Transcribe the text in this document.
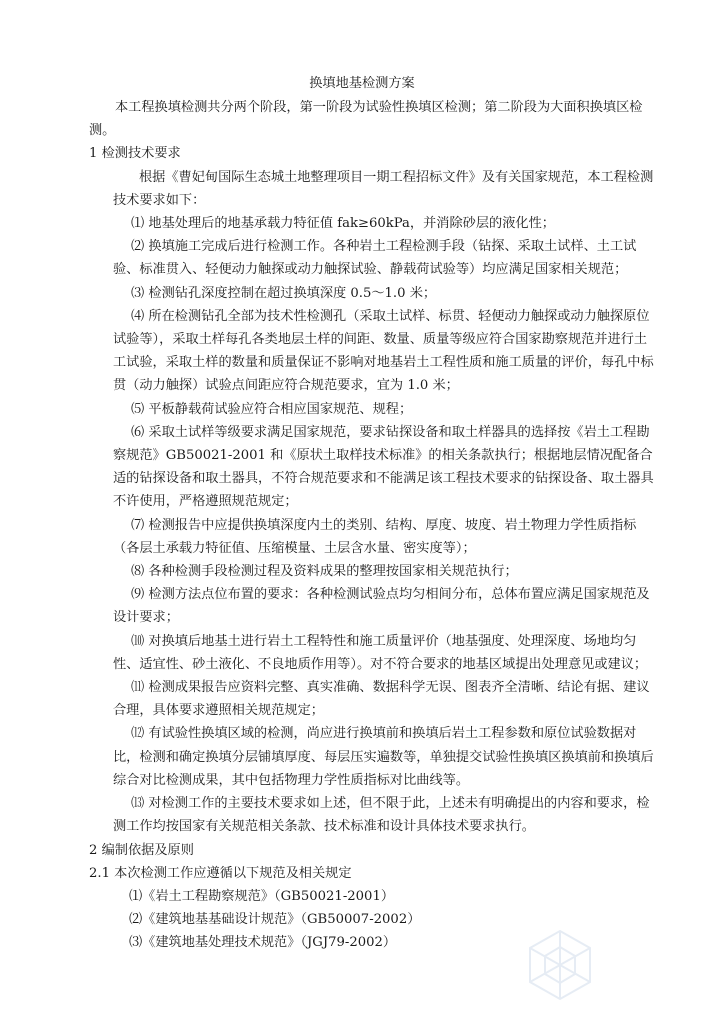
换填地基检测方案

本工程换填检测共分两个阶段，第一阶段为试验性换填区检测；第二阶段为大面积换填区检测。

1 检测技术要求

根据《曹妃甸国际生态城土地整理项目一期工程招标文件》及有关国家规范，本工程检测技术要求如下：

⑴ 地基处理后的地基承载力特征值 fak≥60kPa，并消除砂层的液化性；

⑵ 换填施工完成后进行检测工作。各种岩土工程检测手段（钻探、采取土试样、土工试验、标准贯入、轻便动力触探或动力触探试验、静载荷试验等）均应满足国家相关规范；

⑶ 检测钻孔深度控制在超过换填深度 0.5～1.0 米；

⑷ 所在检测钻孔全部为技术性检测孔（采取土试样、标贯、轻便动力触探或动力触探原位试验等），采取土样每孔各类地层土样的间距、数量、质量等级应符合国家勘察规范并进行土工试验，采取土样的数量和质量保证不影响对地基岩土工程性质和施工质量的评价，每孔中标贯（动力触探）试验点间距应符合规范要求，宜为 1.0 米；

⑸ 平板静载荷试验应符合相应国家规范、规程；

⑹ 采取土试样等级要求满足国家规范，要求钻探设备和取土样器具的选择按《岩土工程勘察规范》GB50021-2001 和《原状土取样技术标准》的相关条款执行；根据地层情况配备合适的钻探设备和取土器具，不符合规范要求和不能满足该工程技术要求的钻探设备、取土器具不许使用，严格遵照规范规定；

⑺ 检测报告中应提供换填深度内土的类别、结构、厚度、坡度、岩土物理力学性质指标（各层土承载力特征值、压缩模量、土层含水量、密实度等）；

⑻ 各种检测手段检测过程及资料成果的整理按国家相关规范执行；

⑼ 检测方法点位布置的要求：各种检测试验点均匀相间分布，总体布置应满足国家规范及设计要求；

⑽ 对换填后地基土进行岩土工程特性和施工质量评价（地基强度、处理深度、场地均匀性、适宜性、砂土液化、不良地质作用等）。对不符合要求的地基区域提出处理意见或建议；

⑾ 检测成果报告应资料完整、真实准确、数据科学无误、图表齐全清晰、结论有据、建议合理，具体要求遵照相关规范规定；

⑿ 有试验性换填区域的检测，尚应进行换填前和换填后岩土工程参数和原位试验数据对比，检测和确定换填分层铺填厚度、每层压实遍数等，单独提交试验性换填区换填前和换填后综合对比检测成果，其中包括物理力学性质指标对比曲线等。

⒀ 对检测工作的主要技术要求如上述，但不限于此，上述未有明确提出的内容和要求，检测工作均按国家有关规范相关条款、技术标准和设计具体技术要求执行。

2 编制依据及原则

2.1 本次检测工作应遵循以下规范及相关规定

⑴《岩土工程勘察规范》（GB50021-2001）

⑵《建筑地基基础设计规范》（GB50007-2002）

⑶《建筑地基处理技术规范》（JGJ79-2002）
